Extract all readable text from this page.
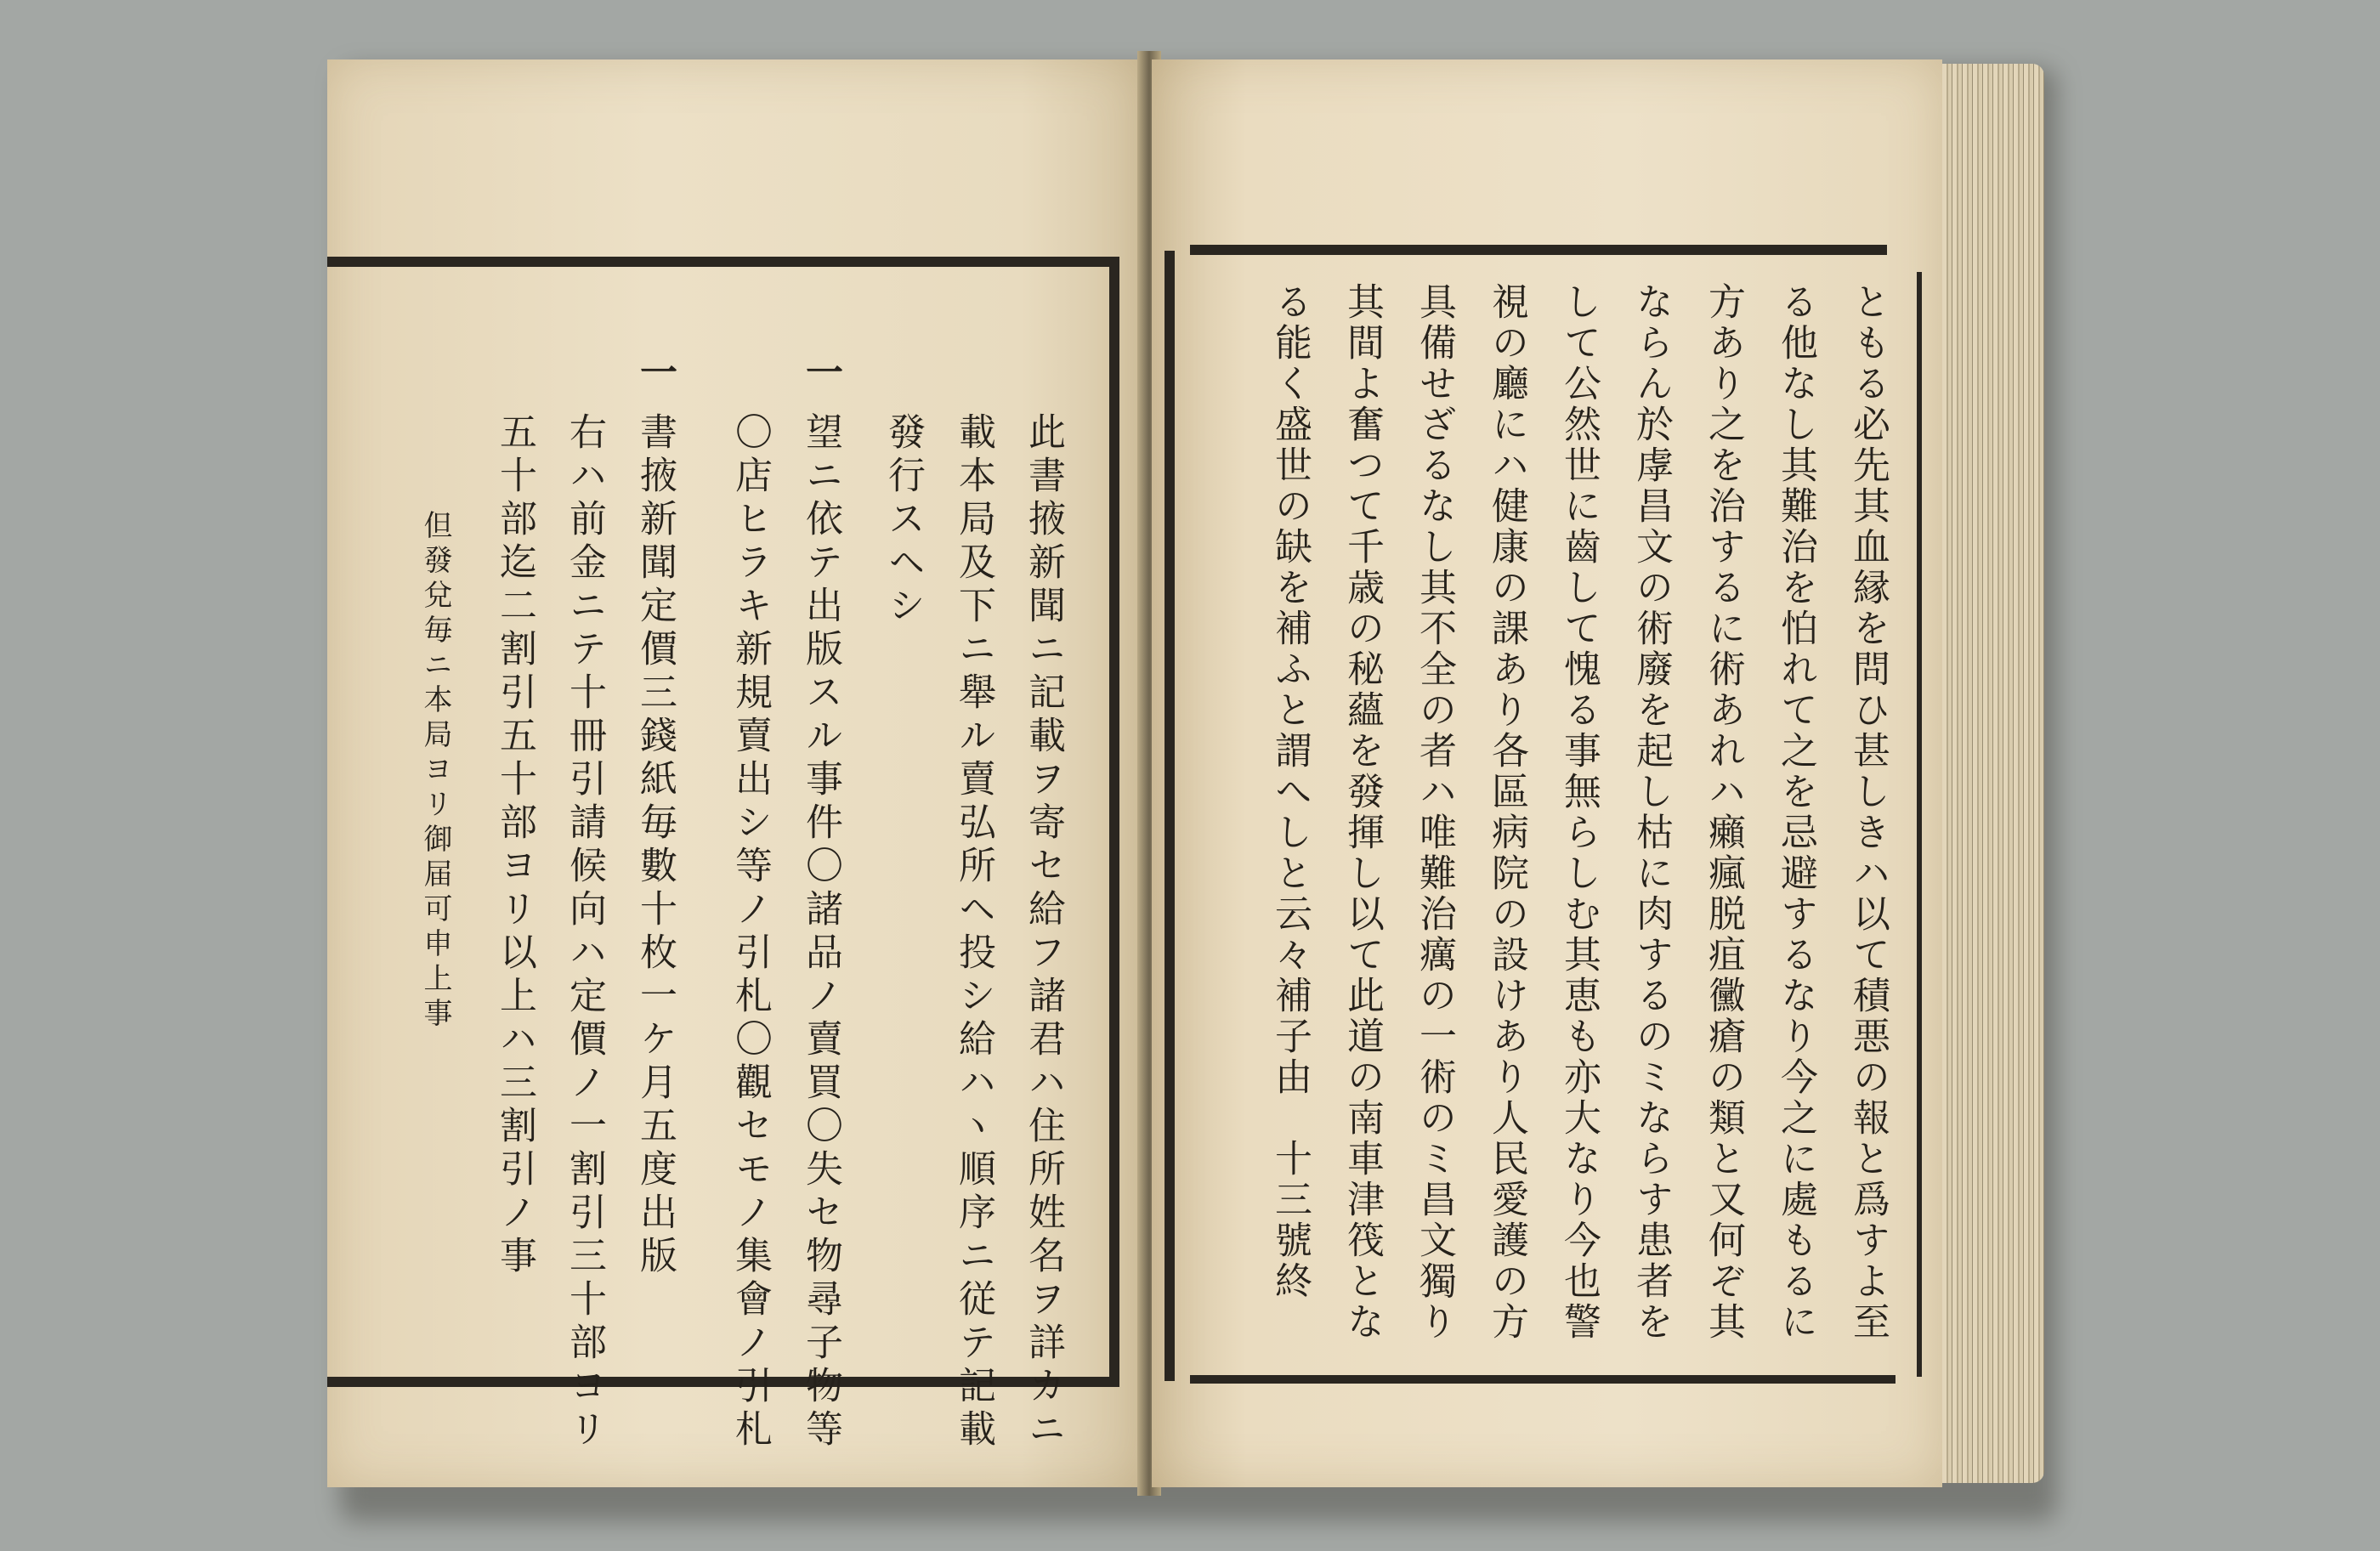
此書掖新聞ニ記載ヲ寄セ給フ諸君ハ住所姓名ヲ詳カニ
載本局及下ニ舉ル賣弘所ヘ投シ給ハヽ順序ニ従テ記載
發行スヘシ
一
望ニ依テ出版スル事件〇諸品ノ賣買〇失セ物尋子物等
〇店ヒラキ新規賣出シ等ノ引札〇觀セモノ集會ノ引札
一
書掖新聞定價三錢紙毎數十枚一ケ月五度出版
右ハ前金ニテ十冊引請候向ハ定價ノ一割引三十部ヨリ
五十部迄二割引五十部ヨリ以上ハ三割引ノ事
但發兌毎ニ本局ヨリ御届可申上事	ともる必先其血縁を問ひ甚しきハ以て積悪の報と爲すよ至
る他なし其難治を怕れて之を忌避するなり今之に處もるに
方あり之を治するに術あれハ癩瘋脱疽黴瘡の類と又何ぞ其
ならん於虖昌文の術廢を起し枯に肉するのミならす患者を
して公然世に齒して愧る事無らしむ其恵も亦大なり今也警
視の廳にハ健康の課あり各區病院の設けあり人民愛護の方
具備せざるなし其不全の者ハ唯難治癘の一術のミ昌文獨り
其間よ奮つて千歳の秘蘊を發揮し以て此道の南車津筏とな
る能く盛世の缺を補ふと謂へしと云々補子由　十三號終
